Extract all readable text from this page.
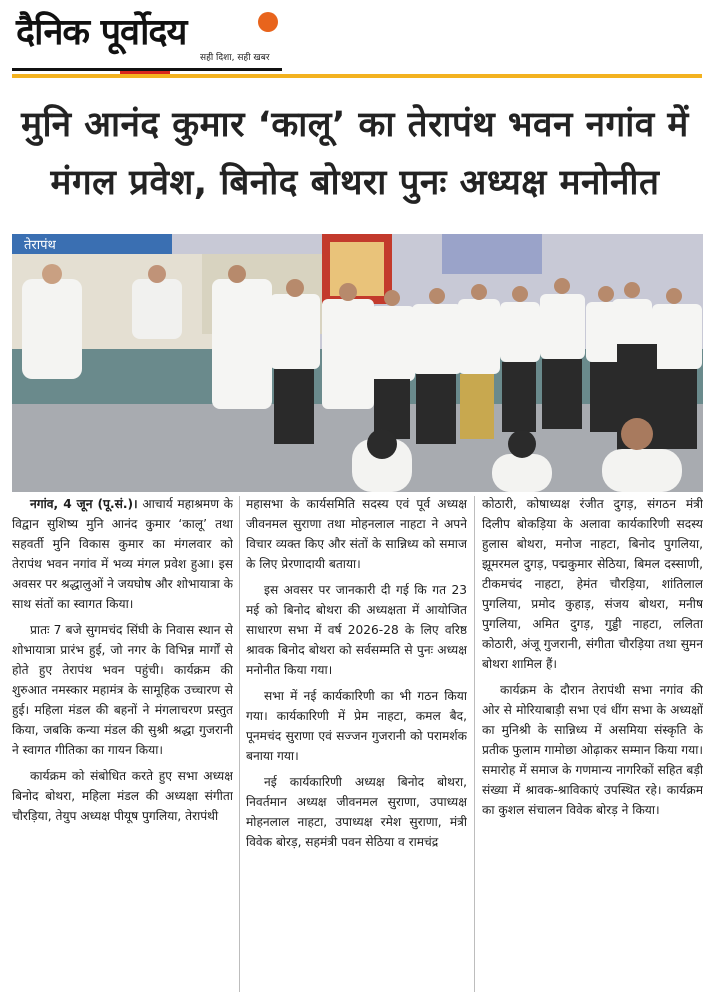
दैनिक पूर्वोदय
सही दिशा, सही खबर
मुनि आनंद कुमार ‘कालू’ का तेरापंथ भवन नगांव में
मंगल प्रवेश, बिनोद बोथरा पुनः अध्यक्ष मनोनीत
तेरापंथ

नगांव, 4 जून (पू.सं.)। आचार्य महाश्रमण के विद्वान सुशिष्य मुनि आनंद कुमार ‘कालू’ तथा सहवर्ती मुनि विकास कुमार का मंगलवार को तेरापंथ भवन नगांव में भव्य मंगल प्रवेश हुआ। इस अवसर पर श्रद्धालुओं ने जयघोष और शोभायात्रा के साथ संतों का स्वागत किया।

प्रातः 7 बजे सुगमचंद सिंघी के निवास स्थान से शोभायात्रा प्रारंभ हुई, जो नगर के विभिन्न मार्गों से होते हुए तेरापंथ भवन पहुंची। कार्यक्रम की शुरुआत नमस्कार महामंत्र के सामूहिक उच्चारण से हुई। महिला मंडल की बहनों ने मंगलाचरण प्रस्तुत किया, जबकि कन्या मंडल की सुश्री श्रद्धा गुजरानी ने स्वागत गीतिका का गायन किया।

कार्यक्रम को संबोधित करते हुए सभा अध्यक्ष बिनोद बोथरा, महिला मंडल की अध्यक्षा संगीता चौरड़िया, तेयुप अध्यक्ष पीयूष पुगलिया, तेरापंथी

महासभा के कार्यसमिति सदस्य एवं पूर्व अध्यक्ष जीवनमल सुराणा तथा मोहनलाल नाहटा ने अपने विचार व्यक्त किए और संतों के सान्निध्य को समाज के लिए प्रेरणादायी बताया।

इस अवसर पर जानकारी दी गई कि गत 23 मई को बिनोद बोथरा की अध्यक्षता में आयोजित साधारण सभा में वर्ष 2026-28 के लिए वरिष्ठ श्रावक बिनोद बोथरा को सर्वसम्मति से पुनः अध्यक्ष मनोनीत किया गया।

सभा में नई कार्यकारिणी का भी गठन किया गया। कार्यकारिणी में प्रेम नाहटा, कमल बैद, पूनमचंद सुराणा एवं सज्जन गुजरानी को परामर्शक बनाया गया।

नई कार्यकारिणी अध्यक्ष बिनोद बोथरा, निवर्तमान अध्यक्ष जीवनमल सुराणा, उपाध्यक्ष मोहनलाल नाहटा, उपाध्यक्ष रमेश सुराणा, मंत्री विवेक बोरड़, सहमंत्री पवन सेठिया व रामचंद्र

कोठारी, कोषाध्यक्ष रंजीत दुगड़, संगठन मंत्री दिलीप बोकड़िया के अलावा कार्यकारिणी सदस्य हुलास बोथरा, मनोज नाहटा, बिनोद पुगलिया, झूमरमल दुगड़, पद्मकुमार सेठिया, बिमल दस्साणी, टीकमचंद नाहटा, हेमंत चौरड़िया, शांतिलाल पुगलिया, प्रमोद कुहाड़, संजय बोथरा, मनीष पुगलिया, अमित दुगड़, गुड्डी नाहटा, ललिता कोठारी, अंजू गुजरानी, संगीता चौरड़िया तथा सुमन बोथरा शामिल हैं।

कार्यक्रम के दौरान तेरापंथी सभा नगांव की ओर से मोरियाबाड़ी सभा एवं धींग सभा के अध्यक्षों का मुनिश्री के सान्निध्य में असमिया संस्कृति के प्रतीक फुलाम गामोछा ओढ़ाकर सम्मान किया गया। समारोह में समाज के गणमान्य नागरिकों सहित बड़ी संख्या में श्रावक-श्राविकाएं उपस्थित रहे। कार्यक्रम का कुशल संचालन विवेक बोरड़ ने किया।
